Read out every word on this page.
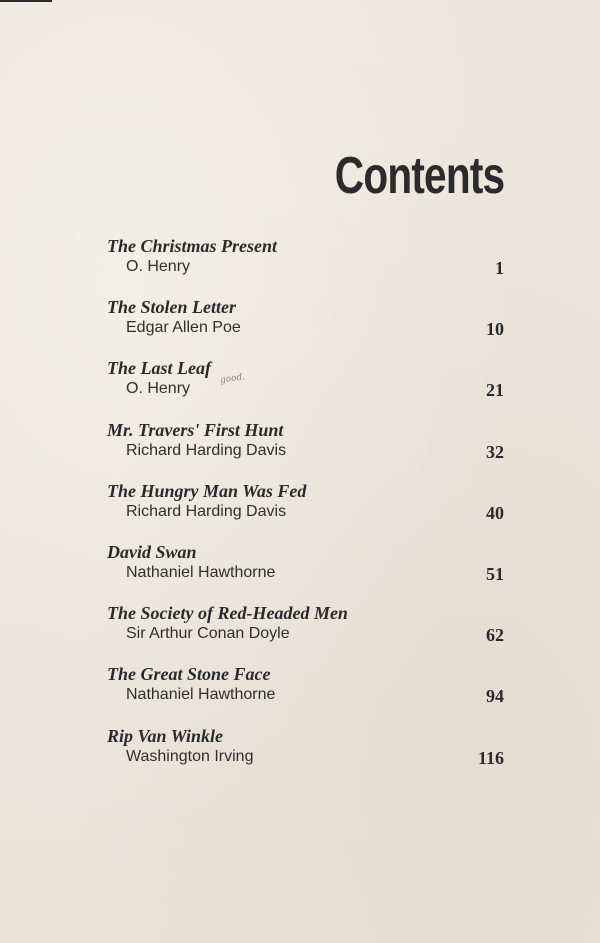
Contents
The Christmas Present
O. Henry	1
The Stolen Letter
Edgar Allen Poe	10
The Last Leaf
O. Henry	21
Mr. Travers' First Hunt
Richard Harding Davis	32
The Hungry Man Was Fed
Richard Harding Davis	40
David Swan
Nathaniel Hawthorne	51
The Society of Red-Headed Men
Sir Arthur Conan Doyle	62
The Great Stone Face
Nathaniel Hawthorne	94
Rip Van Winkle
Washington Irving	116
good.
